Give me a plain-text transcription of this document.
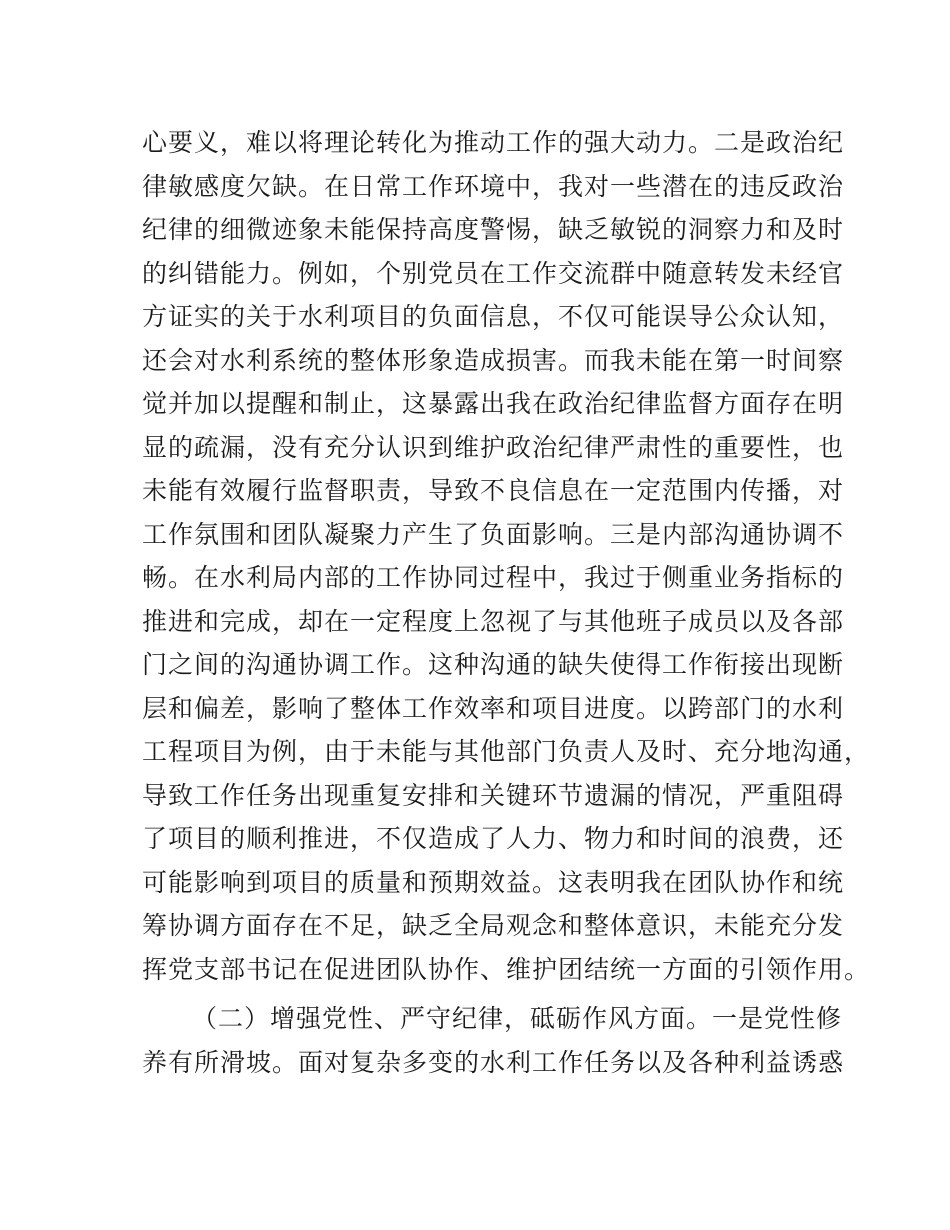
心要义，难以将理论转化为推动工作的强大动力。二是政治纪
律敏感度欠缺。在日常工作环境中，我对一些潜在的违反政治
纪律的细微迹象未能保持高度警惕，缺乏敏锐的洞察力和及时
的纠错能力。例如，个别党员在工作交流群中随意转发未经官
方证实的关于水利项目的负面信息，不仅可能误导公众认知，
还会对水利系统的整体形象造成损害。而我未能在第一时间察
觉并加以提醒和制止，这暴露出我在政治纪律监督方面存在明
显的疏漏，没有充分认识到维护政治纪律严肃性的重要性，也
未能有效履行监督职责，导致不良信息在一定范围内传播，对
工作氛围和团队凝聚力产生了负面影响。三是内部沟通协调不
畅。在水利局内部的工作协同过程中，我过于侧重业务指标的
推进和完成，却在一定程度上忽视了与其他班子成员以及各部
门之间的沟通协调工作。这种沟通的缺失使得工作衔接出现断
层和偏差，影响了整体工作效率和项目进度。以跨部门的水利
工程项目为例，由于未能与其他部门负责人及时、充分地沟通，
导致工作任务出现重复安排和关键环节遗漏的情况，严重阻碍
了项目的顺利推进，不仅造成了人力、物力和时间的浪费，还
可能影响到项目的质量和预期效益。这表明我在团队协作和统
筹协调方面存在不足，缺乏全局观念和整体意识，未能充分发
挥党支部书记在促进团队协作、维护团结统一方面的引领作用。
（二）增强党性、严守纪律，砥砺作风方面。一是党性修
养有所滑坡。面对复杂多变的水利工作任务以及各种利益诱惑
